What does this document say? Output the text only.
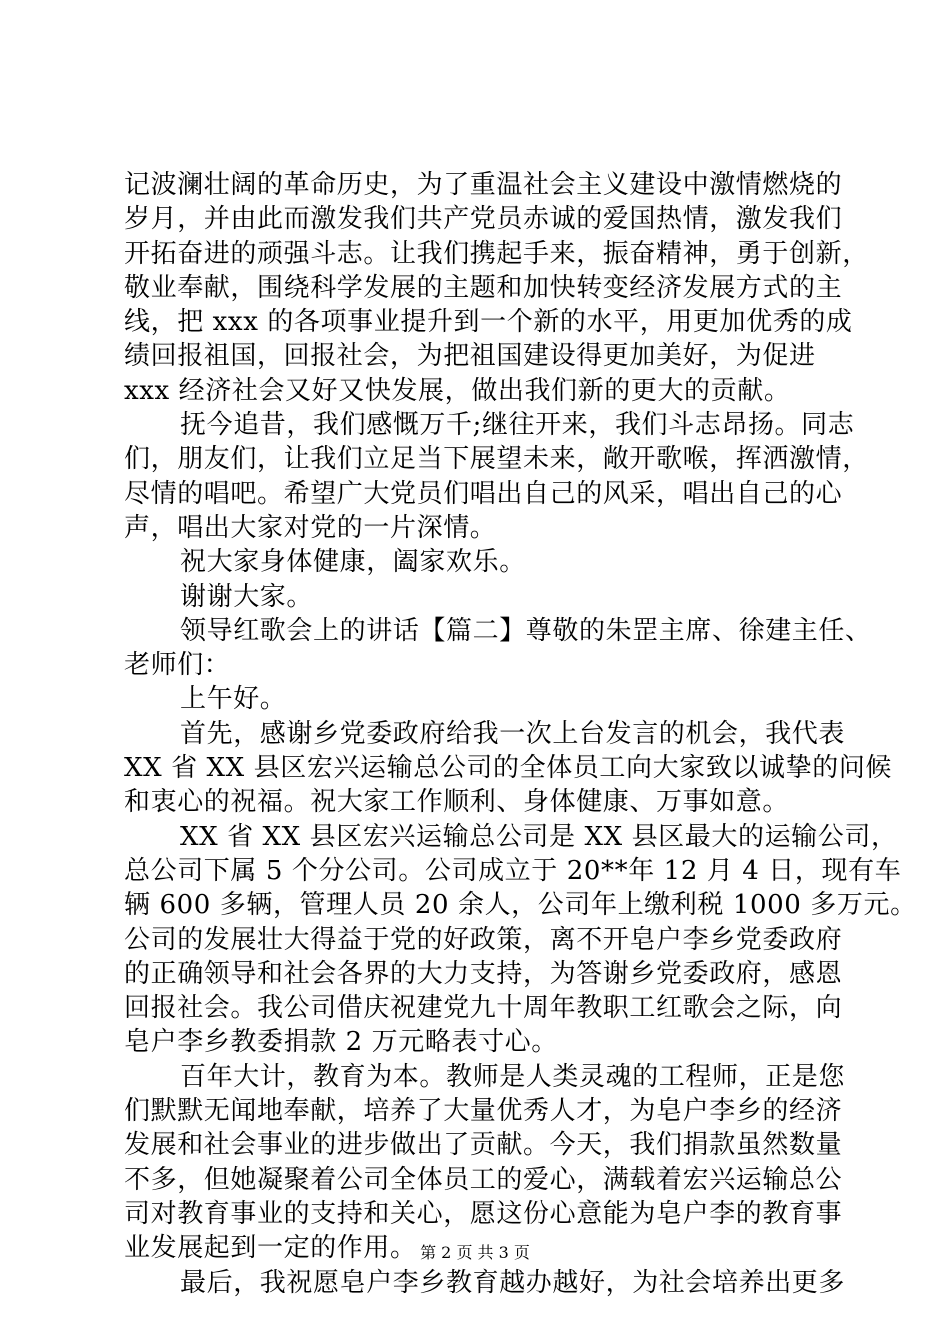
记波澜壮阔的革命历史，为了重温社会主义建设中激情燃烧的
岁月，并由此而激发我们共产党员赤诚的爱国热情，激发我们
开拓奋进的顽强斗志。让我们携起手来，振奋精神，勇于创新，
敬业奉献，围绕科学发展的主题和加快转变经济发展方式的主
线，把 xxx 的各项事业提升到一个新的水平，用更加优秀的成
绩回报祖国，回报社会，为把祖国建设得更加美好，为促进
xxx 经济社会又好又快发展，做出我们新的更大的贡献。
抚今追昔，我们感慨万千;继往开来，我们斗志昂扬。同志
们，朋友们，让我们立足当下展望未来，敞开歌喉，挥洒激情，
尽情的唱吧。希望广大党员们唱出自己的风采，唱出自己的心
声，唱出大家对党的一片深情。
祝大家身体健康，阖家欢乐。
谢谢大家。
领导红歌会上的讲话【篇二】尊敬的朱罡主席、徐建主任、
老师们：
上午好。
首先，感谢乡党委政府给我一次上台发言的机会，我代表
XX 省 XX 县区宏兴运输总公司的全体员工向大家致以诚挚的问候
和衷心的祝福。祝大家工作顺利、身体健康、万事如意。
XX 省 XX 县区宏兴运输总公司是 XX 县区最大的运输公司，
总公司下属 5 个分公司。公司成立于 20**年 12 月 4 日，现有车
辆 600 多辆，管理人员 20 余人，公司年上缴利税 1000 多万元。
公司的发展壮大得益于党的好政策，离不开皂户李乡党委政府
的正确领导和社会各界的大力支持，为答谢乡党委政府，感恩
回报社会。我公司借庆祝建党九十周年教职工红歌会之际，向
皂户李乡教委捐款 2 万元略表寸心。
百年大计，教育为本。教师是人类灵魂的工程师，正是您
们默默无闻地奉献，培养了大量优秀人才，为皂户李乡的经济
发展和社会事业的进步做出了贡献。今天，我们捐款虽然数量
不多，但她凝聚着公司全体员工的爱心，满载着宏兴运输总公
司对教育事业的支持和关心，愿这份心意能为皂户李的教育事
业发展起到一定的作用。
最后，我祝愿皂户李乡教育越办越好，为社会培养出更多
第 2 页 共 3 页
